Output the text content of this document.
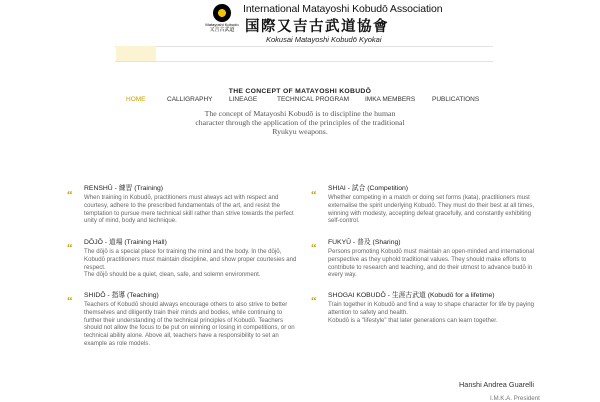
Matayoshi Kobudo
又吉古武道
International Matayoshi Kobudō Association
国際又吉古武道協會
Kokusai Matayoshi Kobudō Kyokai
HOME	CALLIGRAPHY	LINEAGE	TECHNICAL PROGRAM IMKA MEMBERS	PUBLICATIONS
THE CONCEPT OF MATAYOSHI KOBUDŌ
The concept of Matayoshi Kobudō is to discipline the human character through the application of the principles of the traditional Ryukyu weapons.
“
RENSHŪ - 練習 (Training)

When training in Kobudō, practitioners must always act with respect and courtesy, adhere to the prescribed fundamentals of the art, and resist the temptation to pursue mere technical skill rather than strive towards the perfect unity of mind, body and technique.

“ DŌJŌ - 道場 (Training Hall)

The dōjō is a special place for training the mind and the body. In the dōjō, Kobudō practitioners must maintain discipline, and show proper courtesies and respect.

The dōjō should be a quiet, clean, safe, and solemn environment.

“ SHIDŌ - 指導 (Teaching)

Teachers of Kobudō should always encourage others to also strive to better themselves and diligently train their minds and bodies, while continuing to further their understanding of the technical principles of Kobudō. Teachers should not allow the focus to be put on winning or losing in competitions, or on technical ability alone. Above all, teachers have a responsibility to set an example as role models.

“
SHIAI - 試合 (Competition)

Whether competing in a match or doing set forms (kata), practitioners must externalise the spirit underlying Kobudō. They must do their best at all times, winning with modesty, accepting defeat gracefully, and constantly exhibiting self-control.

“ FUKYŪ - 普及 (Sharing)

Persons promoting Kobudō must maintain an open-minded and international perspective as they uphold traditional values. They should make efforts to contribute to research and teaching, and do their utmost to advance budō in every way.

“ SHOGAI KOBUDŌ - 生涯古武道 (Kobudō for a lifetime)

Train together in Kobudō and find a way to shape character for life by paying attention to safety and health.

Kobudō is a "lifestyle" that later generations can learn together.

Hanshi Andrea Guarelli
I.M.K.A. President
